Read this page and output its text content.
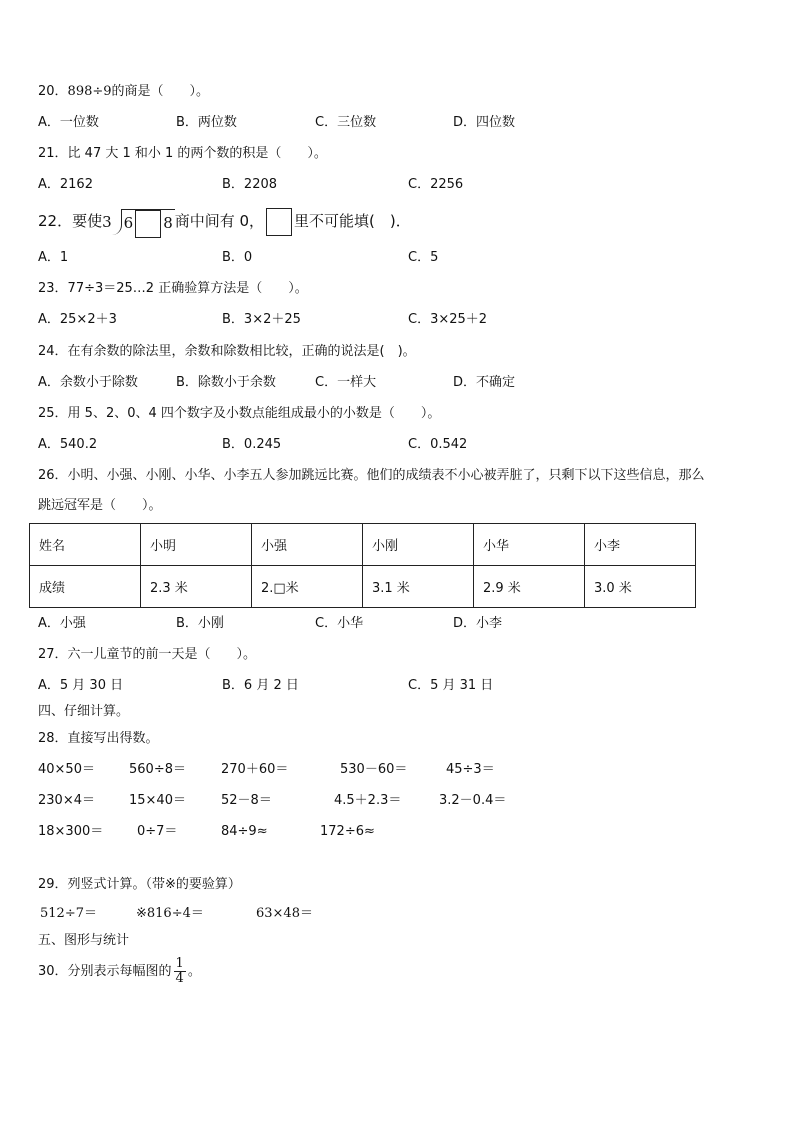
20．898÷9的商是（　　）。
A．一位数	B．两位数	C．三位数	D．四位数
21．比 47 大 1 和小 1 的两个数的积是（　　）。
A．2162	B．2208	C．2256
22．要使3 6 8 商中间有 0， 里不可能填(　)．
A．1	B．0	C．5
23．77÷3＝25…2 正确验算方法是（　　）。
A．25×2＋3	B．3×2＋25	C．3×25＋2
24．在有余数的除法里，余数和除数相比较，正确的说法是(　)。
A．余数小于除数	B．除数小于余数	C．一样大	D．不确定
25．用 5、2、0、4 四个数字及小数点能组成最小的小数是（　　）。
A．540.2	B．0.245	C．0.542
26．小明、小强、小刚、小华、小李五人参加跳远比赛。他们的成绩表不小心被弄脏了，只剩下以下这些信息，那么
跳远冠军是（　　）。
姓名	小明	小强	小刚	小华	小李
成绩	2.3 米	2.□米	3.1 米	2.9 米	3.0 米
A．小强	B．小刚	C．小华	D．小李
27．六一儿童节的前一天是（　　）。
A．5 月 30 日	B．6 月 2 日	C．5 月 31 日
四、仔细计算。
28．直接写出得数。
40×50＝	560÷8＝	270＋60＝	530－60＝	45÷3＝
230×4＝	15×40＝	52－8＝	4.5＋2.3＝	3.2－0.4＝
18×300＝	0÷7＝	84÷9≈	172÷6≈
29．列竖式计算。（带※的要验算）
512÷7＝	※816÷4＝	63×48＝
五、图形与统计
30．分别表示每幅图的 $\frac{1}{4}$ 。
